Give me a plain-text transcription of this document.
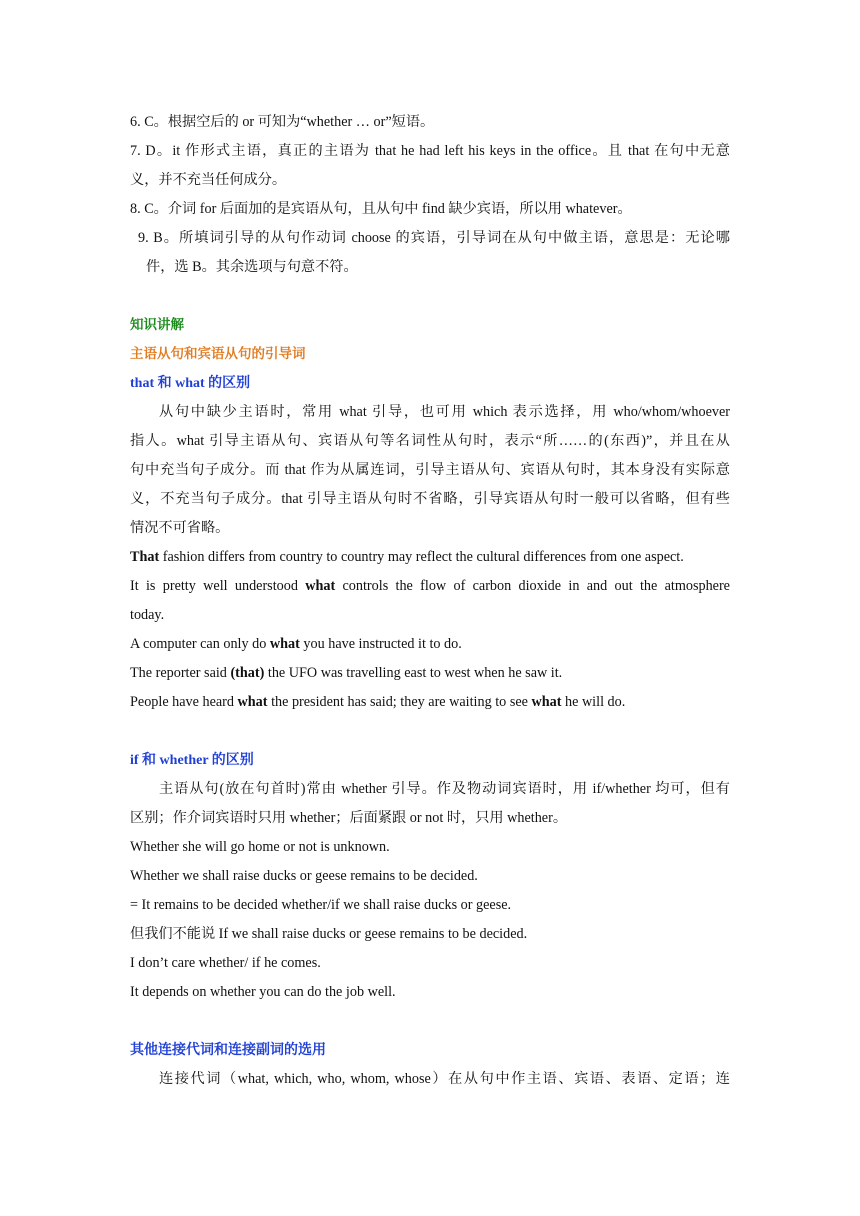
6. C。根据空后的 or 可知为“whether … or”短语。
7. D。it 作形式主语，真正的主语为 that he had left his keys in the office。且 that 在句中无意
义，并不充当任何成分。
8. C。介词 for 后面加的是宾语从句，且从句中 find 缺少宾语，所以用 whatever。
9. B。所填词引导的从句作动词 choose 的宾语，引导词在从句中做主语，意思是：无论哪
件，选 B。其余选项与句意不符。
知识讲解
主语从句和宾语从句的引导词
that 和 what 的区别
从句中缺少主语时，常用 what 引导，也可用 which 表示选择，用 who/whom/whoever
指人。what 引导主语从句、宾语从句等名词性从句时，表示“所……的(东西)”，并且在从
句中充当句子成分。而 that 作为从属连词，引导主语从句、宾语从句时，其本身没有实际意
义，不充当句子成分。that 引导主语从句时不省略，引导宾语从句时一般可以省略，但有些
情况不可省略。
That fashion differs from country to country may reflect the cultural differences from one aspect.
It is pretty well understood what controls the flow of carbon dioxide in and out the atmosphere
today.
A computer can only do what you have instructed it to do.
The reporter said (that) the UFO was travelling east to west when he saw it.
People have heard what the president has said; they are waiting to see what he will do.
if 和 whether 的区别
主语从句(放在句首时)常由 whether 引导。作及物动词宾语时，用 if/whether 均可，但有
区别；作介词宾语时只用 whether；后面紧跟 or not 时，只用 whether。
Whether she will go home or not is unknown.
Whether we shall raise ducks or geese remains to be decided.
= It remains to be decided whether/if we shall raise ducks or geese.
但我们不能说 If we shall raise ducks or geese remains to be decided.
I don’t care whether/ if he comes.
It depends on whether you can do the job well.
其他连接代词和连接副词的选用
连接代词（what, which, who, whom, whose）在从句中作主语、宾语、表语、定语；连
